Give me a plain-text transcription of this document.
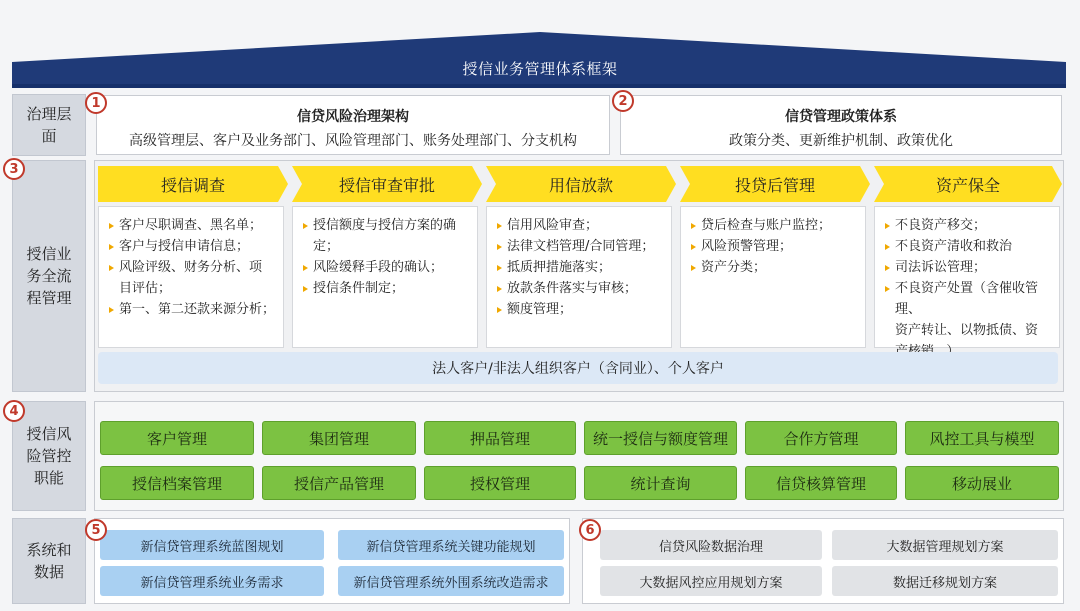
授信业务管理体系框架
治理层面
授信业务全流程管理
授信风险管控职能
系统和数据
信贷风险治理架构
高级管理层、客户及业务部门、风险管理部门、账务处理部门、分支机构
信贷管理政策体系
政策分类、更新维护机制、政策优化
授信调查	授信审查审批	用信放款	投贷后管理	资产保全
客户尽职调查、黑名单；
客户与授信申请信息；
风险评级、财务分析、项
目评估；
第一、第二还款来源分析；
授信额度与授信方案的确
定；
风险缓释手段的确认；
授信条件制定；
信用风险审查；
法律文档管理/合同管理；
抵质押措施落实；
放款条件落实与审核；
额度管理；
贷后检查与账户监控；
风险预警管理；
资产分类；
不良资产移交；
不良资产清收和救治
司法诉讼管理；
不良资产处置（含催收管理、
资产转让、以物抵债、资
法人客户/非法人组织客户（含同业）、个人客户
客户管理	集团管理	押品管理	统一授信与额度管理	合作方管理	风控工具与模型
授信档案管理	授信产品管理	授权管理	统计查询	信贷核算管理	移动展业
新信贷管理系统蓝图规划	新信贷管理系统关键功能规划
新信贷管理系统业务需求	新信贷管理系统外围系统改造需求
信贷风险数据治理	大数据管理规划方案
大数据风控应用规划方案	数据迁移规划方案
1	2
3
4
5	6
